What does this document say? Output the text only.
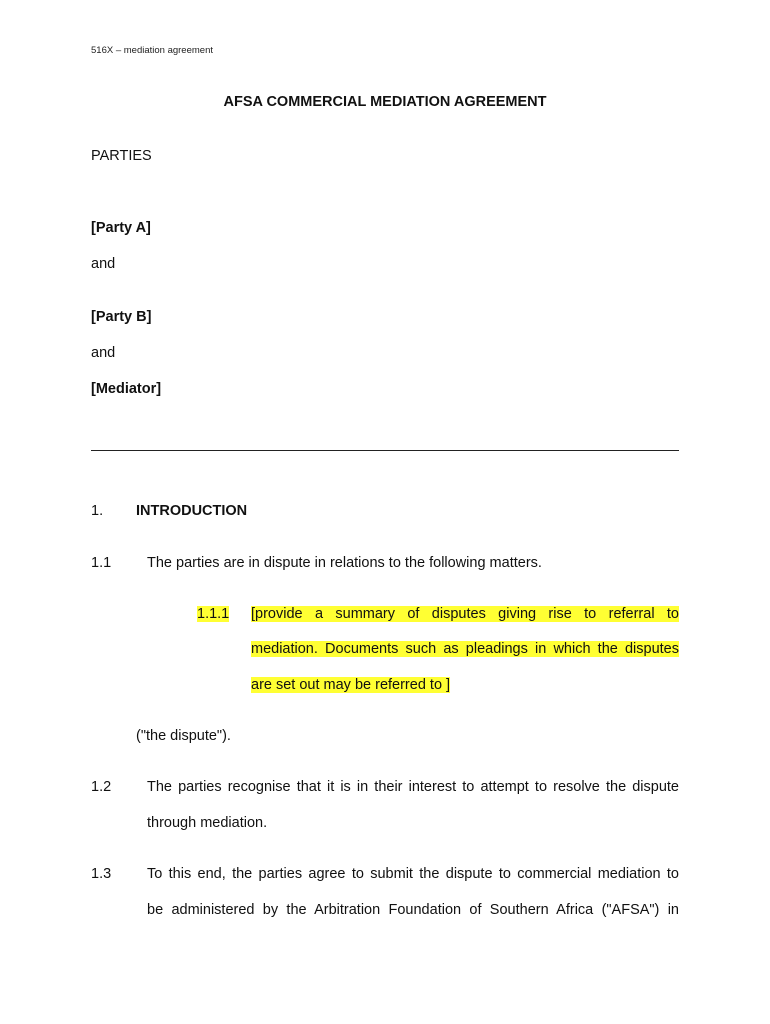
516X – mediation agreement
AFSA COMMERCIAL MEDIATION AGREEMENT
PARTIES
[Party A]
and
[Party B]
and
[Mediator]
1. INTRODUCTION
1.1 The parties are in dispute in relations to the following matters.
1.1.1 [provide a summary of disputes giving rise to referral to
mediation. Documents such as pleadings in which the disputes
are set out may be referred to ]
("the dispute").
1.2 The parties recognise that it is in their interest to attempt to resolve the dispute
through mediation.
1.3 To this end, the parties agree to submit the dispute to commercial mediation to
be administered by the Arbitration Foundation of Southern Africa ("AFSA") in
